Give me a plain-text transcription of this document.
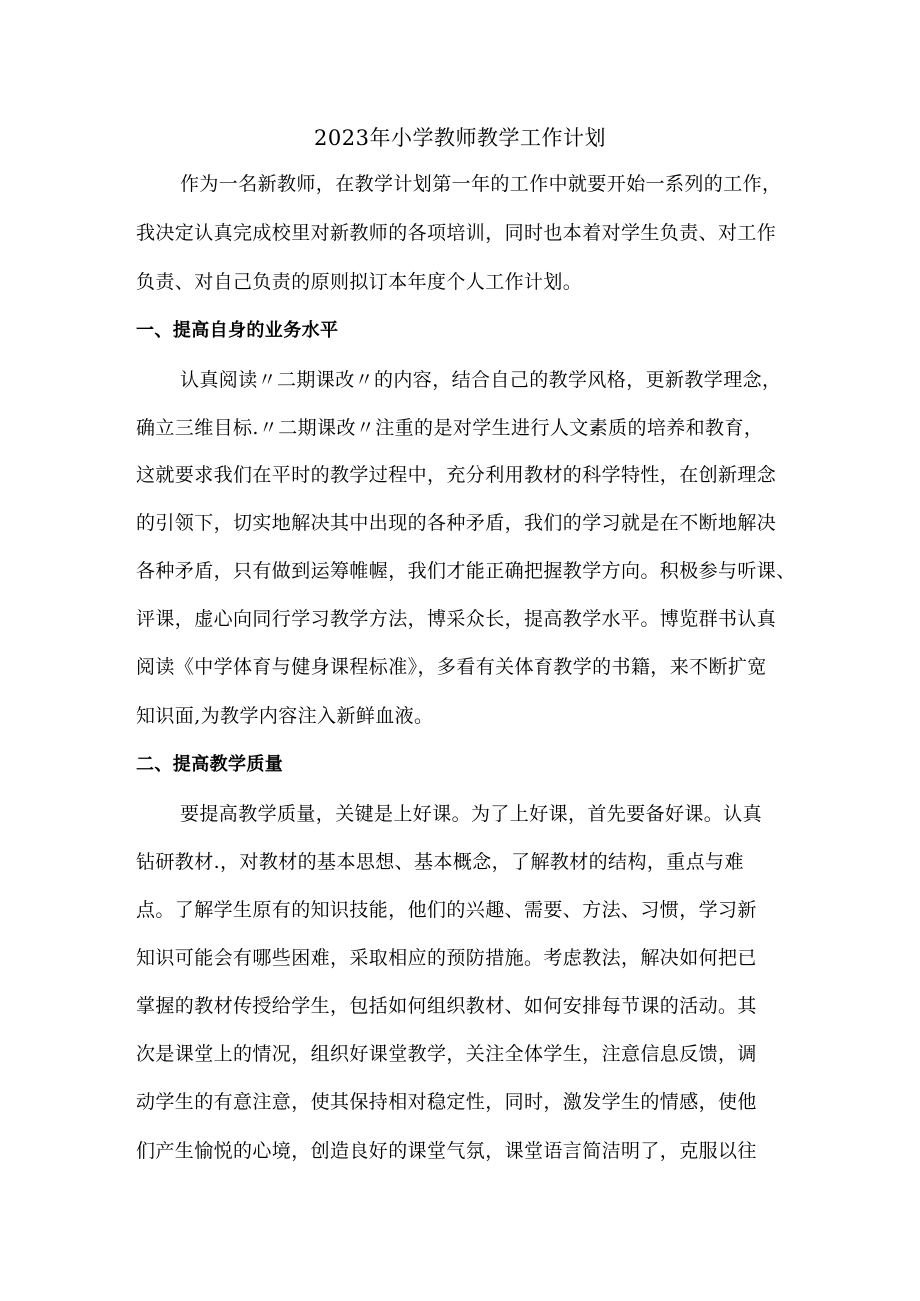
2023年小学教师教学工作计划

作为一名新教师，在教学计划第一年的工作中就要开始一系列的工作，

我决定认真完成校里对新教师的各项培训，同时也本着对学生负责、对工作

负责、对自己负责的原则拟订本年度个人工作计划。

一、提高自身的业务水平

认真阅读〃二期课改〃的内容，结合自己的教学风格，更新教学理念，

确立三维目标.〃二期课改〃注重的是对学生进行人文素质的培养和教育，

这就要求我们在平时的教学过程中，充分利用教材的科学特性，在创新理念

的引领下，切实地解决其中出现的各种矛盾，我们的学习就是在不断地解决

各种矛盾，只有做到运筹帷幄，我们才能正确把握教学方向。积极参与听课、

评课，虚心向同行学习教学方法，博采众长，提高教学水平。博览群书认真

阅读《中学体育与健身课程标准》，多看有关体育教学的书籍，来不断扩宽

知识面,为教学内容注入新鲜血液。

二、提高教学质量

要提高教学质量，关键是上好课。为了上好课，首先要备好课。认真

钻研教材.，对教材的基本思想、基本概念，了解教材的结构，重点与难

点。了解学生原有的知识技能，他们的兴趣、需要、方法、习惯，学习新

知识可能会有哪些困难，采取相应的预防措施。考虑教法，解决如何把已

掌握的教材传授给学生，包括如何组织教材、如何安排每节课的活动。其

次是课堂上的情况，组织好课堂教学，关注全体学生，注意信息反馈，调

动学生的有意注意，使其保持相对稳定性，同时，激发学生的情感，使他

们产生愉悦的心境，创造良好的课堂气氛，课堂语言简洁明了，克服以往
